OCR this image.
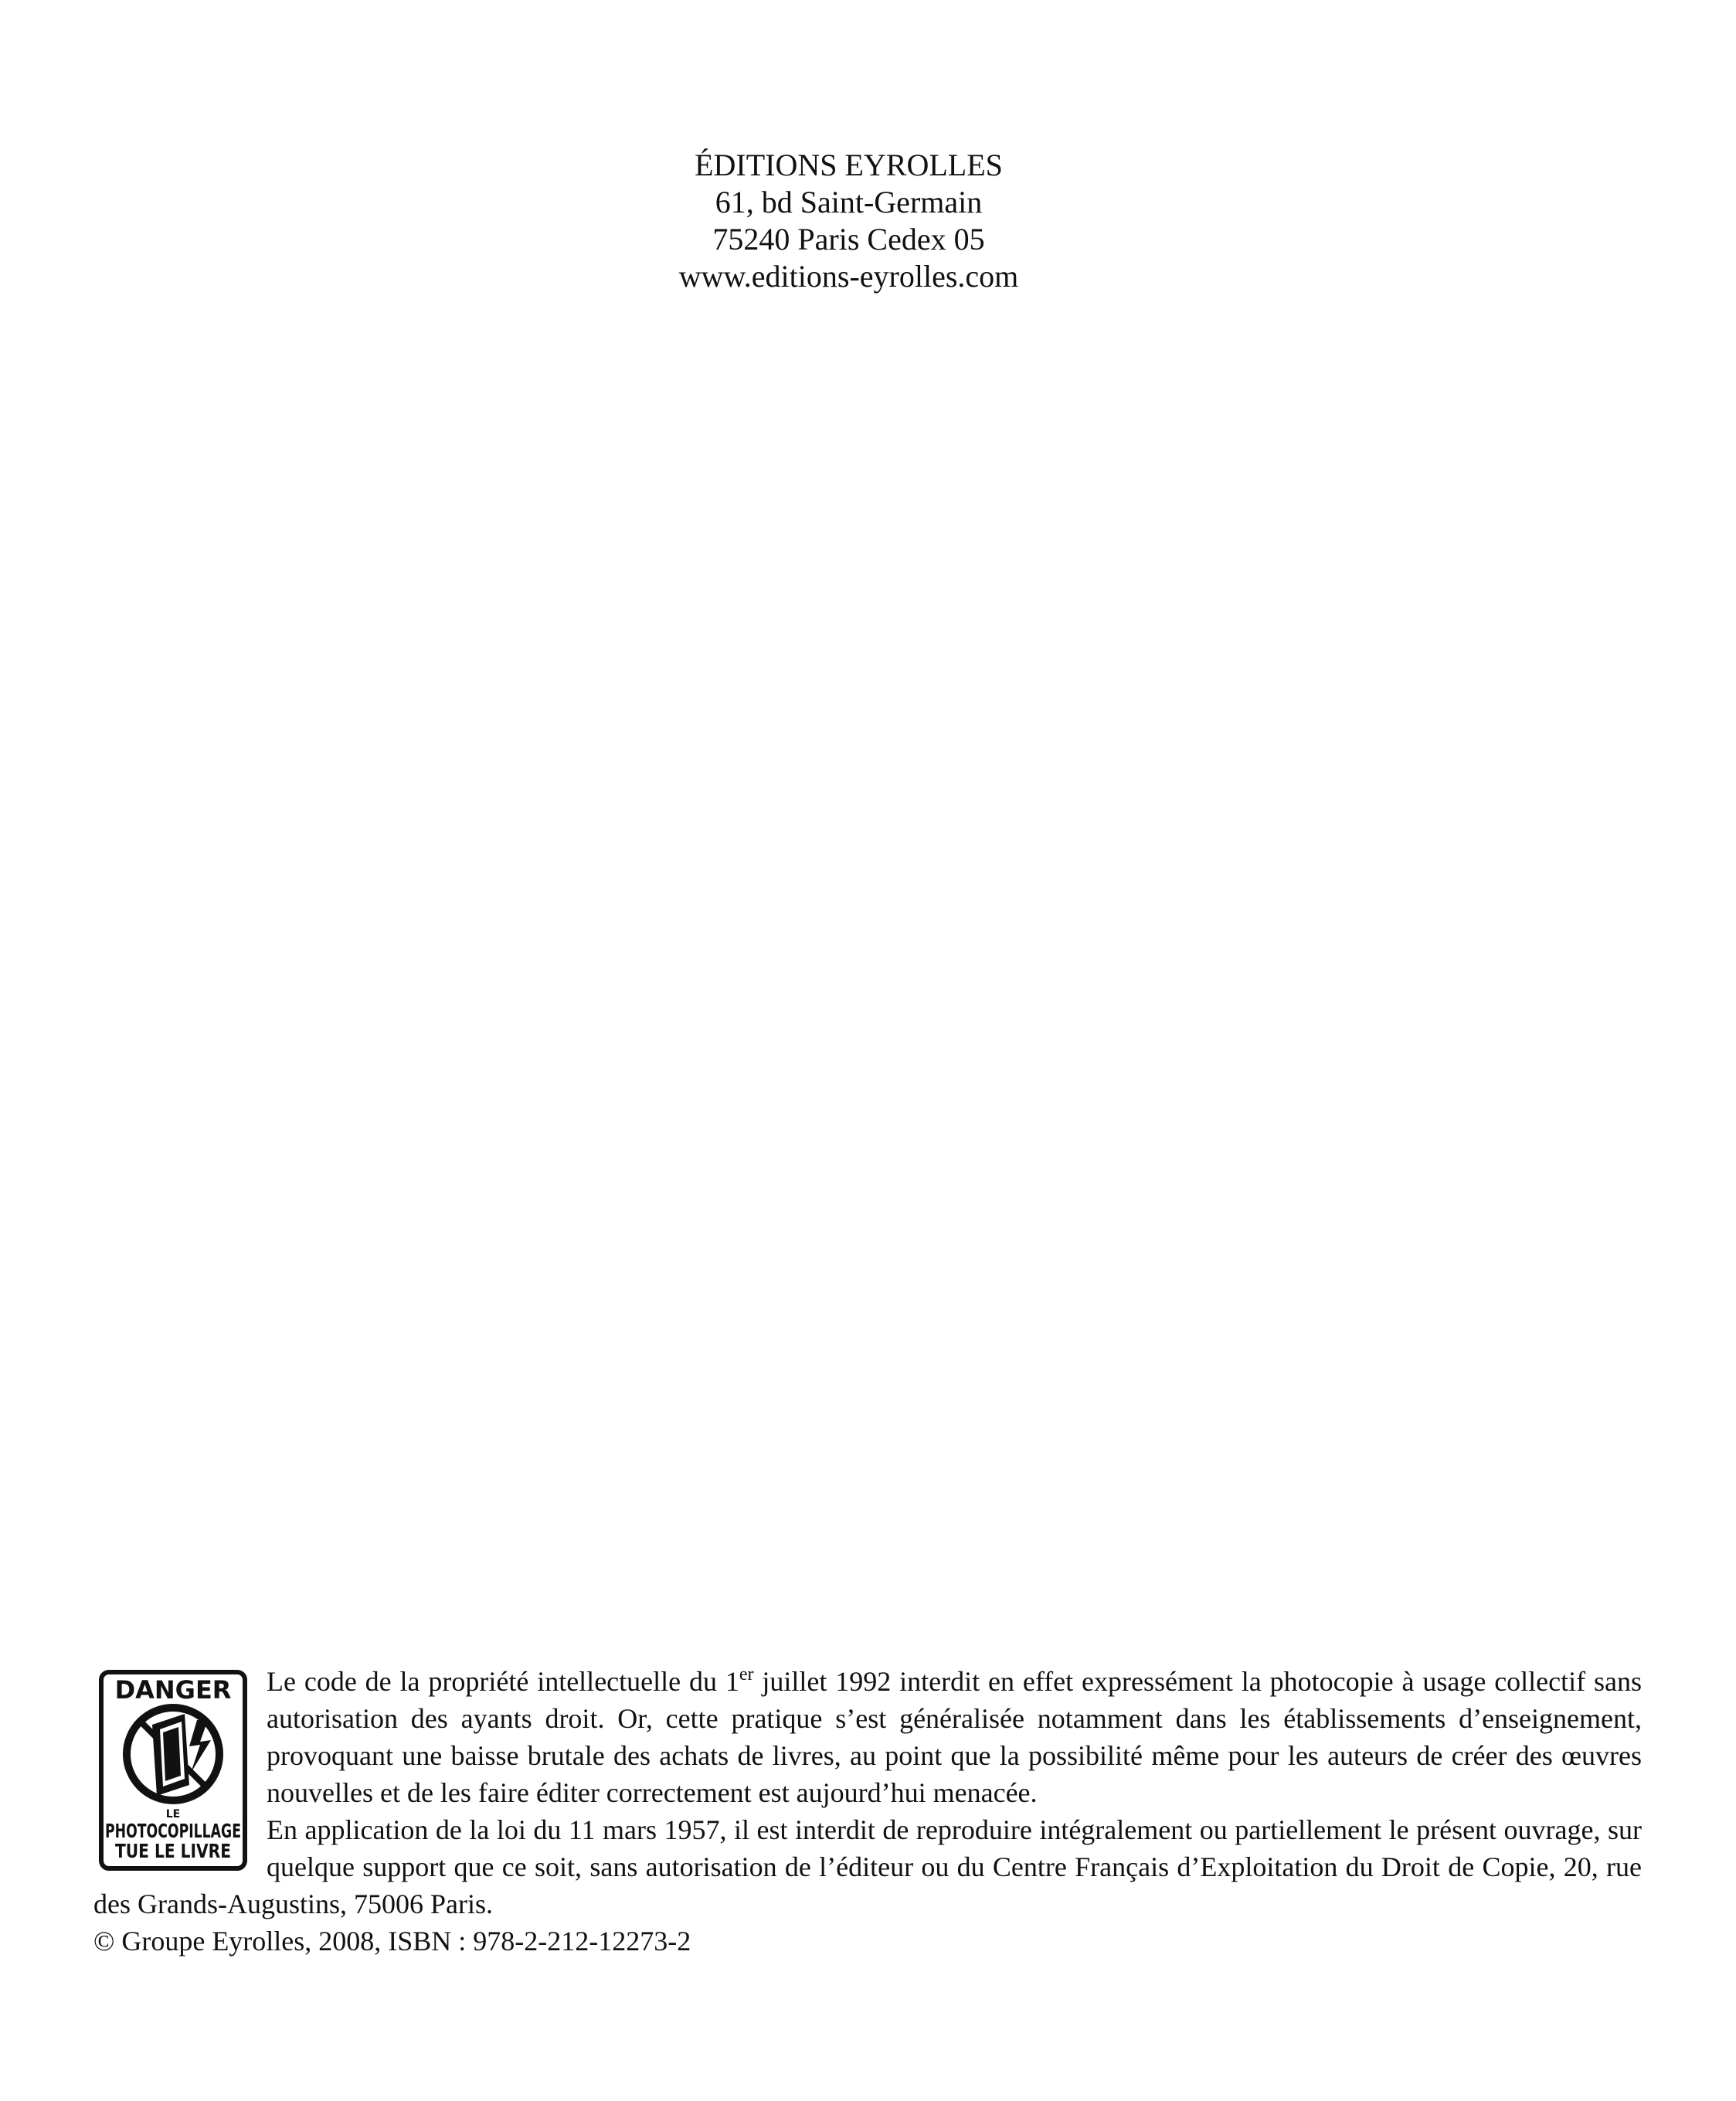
ÉDITIONS EYROLLES
61, bd Saint-Germain
75240 Paris Cedex 05
www.editions-eyrolles.com
DANGER
LE
PHOTOCOPILLAGE
TUE LE LIVRE

Le code de la propriété intellectuelle du 1er juillet 1992 interdit en effet expressément la photocopie à usage collectif sans autorisation des ayants droit. Or, cette pratique s’est généralisée notamment dans les établissements d’enseignement, provoquant une baisse brutale des achats de livres, au point que la possibilité même pour les auteurs de créer des œuvres nouvelles et de les faire éditer correctement est aujourd’hui menacée.

En application de la loi du 11 mars 1957, il est interdit de reproduire intégralement ou partiellement le présent ouvrage, sur quelque support que ce soit, sans autorisation de l’éditeur ou du Centre Français d’Exploitation du Droit de Copie, 20, rue des Grands-Augustins, 75006 Paris.

© Groupe Eyrolles, 2008, ISBN : 978-2-212-12273-2
